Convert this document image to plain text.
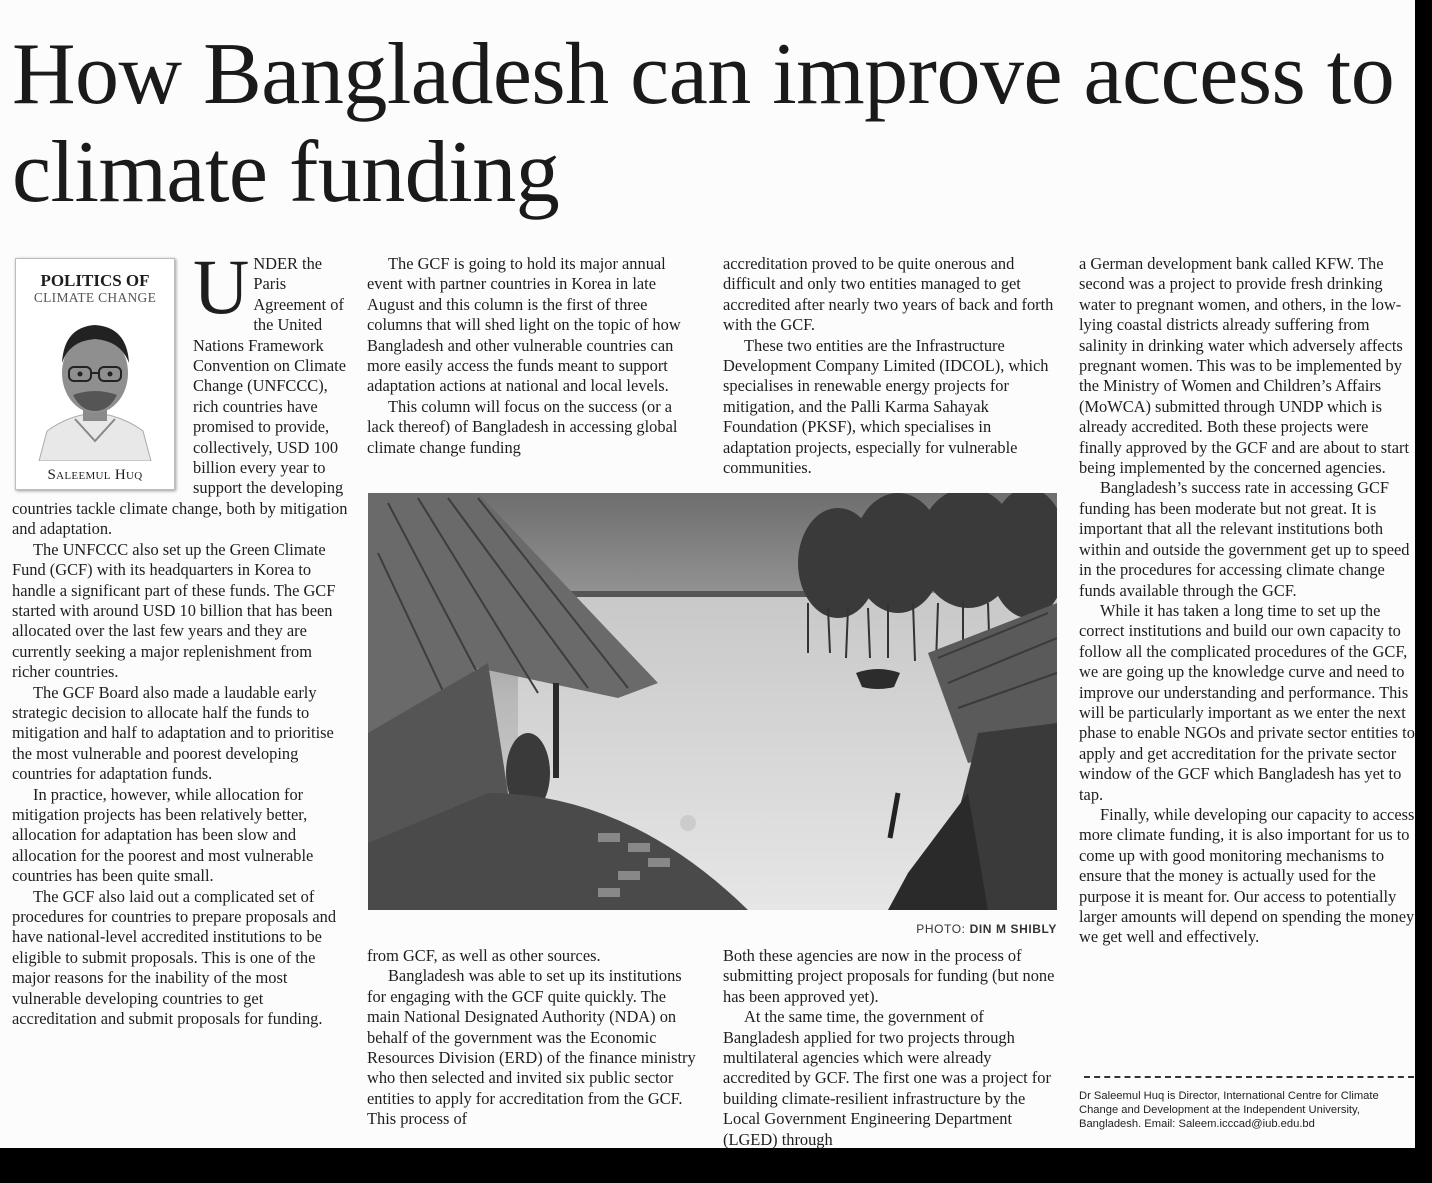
How Bangladesh can improve access to climate funding
POLITICS OF
CLIMATE CHANGE
Saleemul Huq

UNDER the Paris Agreement of the United Nations Framework Convention on Climate Change (UNFCCC), rich countries have promised to provide, collectively, USD 100 billion every year to support the developing countries tackle climate change, both by mitigation and adaptation.

The UNFCCC also set up the Green Climate Fund (GCF) with its headquarters in Korea to handle a significant part of these funds. The GCF started with around USD 10 billion that has been allocated over the last few years and they are currently seeking a major replenishment from richer countries.

The GCF Board also made a laudable early strategic decision to allocate half the funds to mitigation and half to adaptation and to prioritise the most vulnerable and poorest developing countries for adaptation funds.

In practice, however, while allocation for mitigation projects has been relatively better, allocation for adaptation has been slow and allocation for the poorest and most vulnerable countries has been quite small.

The GCF also laid out a complicated set of procedures for countries to prepare proposals and have national-level accredited institutions to be eligible to submit proposals. This is one of the major reasons for the inability of the most vulnerable developing countries to get accreditation and submit proposals for funding.

The GCF is going to hold its major annual event with partner countries in Korea in late August and this column is the first of three columns that will shed light on the topic of how Bangladesh and other vulnerable countries can more easily access the funds meant to support adaptation actions at national and local levels.

This column will focus on the success (or a lack thereof) of Bangladesh in accessing global climate change funding

accreditation proved to be quite onerous and difficult and only two entities managed to get accredited after nearly two years of back and forth with the GCF.

These two entities are the Infrastructure Development Company Limited (IDCOL), which specialises in renewable energy projects for mitigation, and the Palli Karma Sahayak Foundation (PKSF), which specialises in adaptation projects, especially for vulnerable communities.

PHOTO: DIN M SHIBLY

from GCF, as well as other sources.

Bangladesh was able to set up its institutions for engaging with the GCF quite quickly. The main National Designated Authority (NDA) on behalf of the government was the Economic Resources Division (ERD) of the finance ministry who then selected and invited six public sector entities to apply for accreditation from the GCF. This process of

Both these agencies are now in the process of submitting project proposals for funding (but none has been approved yet).

At the same time, the government of Bangladesh applied for two projects through multilateral agencies which were already accredited by GCF. The first one was a project for building climate-resilient infrastructure by the Local Government Engineering Department (LGED) through

a German development bank called KFW. The second was a project to provide fresh drinking water to pregnant women, and others, in the low-lying coastal districts already suffering from salinity in drinking water which adversely affects pregnant women. This was to be implemented by the Ministry of Women and Children’s Affairs (MoWCA) submitted through UNDP which is already accredited. Both these projects were finally approved by the GCF and are about to start being implemented by the concerned agencies.

Bangladesh’s success rate in accessing GCF funding has been moderate but not great. It is important that all the relevant institutions both within and outside the government get up to speed in the procedures for accessing climate change funds available through the GCF.

While it has taken a long time to set up the correct institutions and build our own capacity to follow all the complicated procedures of the GCF, we are going up the knowledge curve and need to improve our understanding and performance. This will be particularly important as we enter the next phase to enable NGOs and private sector entities to apply and get accreditation for the private sector window of the GCF which Bangladesh has yet to tap.

Finally, while developing our capacity to access more climate funding, it is also important for us to come up with good monitoring mechanisms to ensure that the money is actually used for the purpose it is meant for. Our access to potentially larger amounts will depend on spending the money we get well and effectively.

Dr Saleemul Huq is Director, International Centre for Climate Change and Development at the Independent University, Bangladesh. Email: Saleem.icccad@iub.edu.bd
